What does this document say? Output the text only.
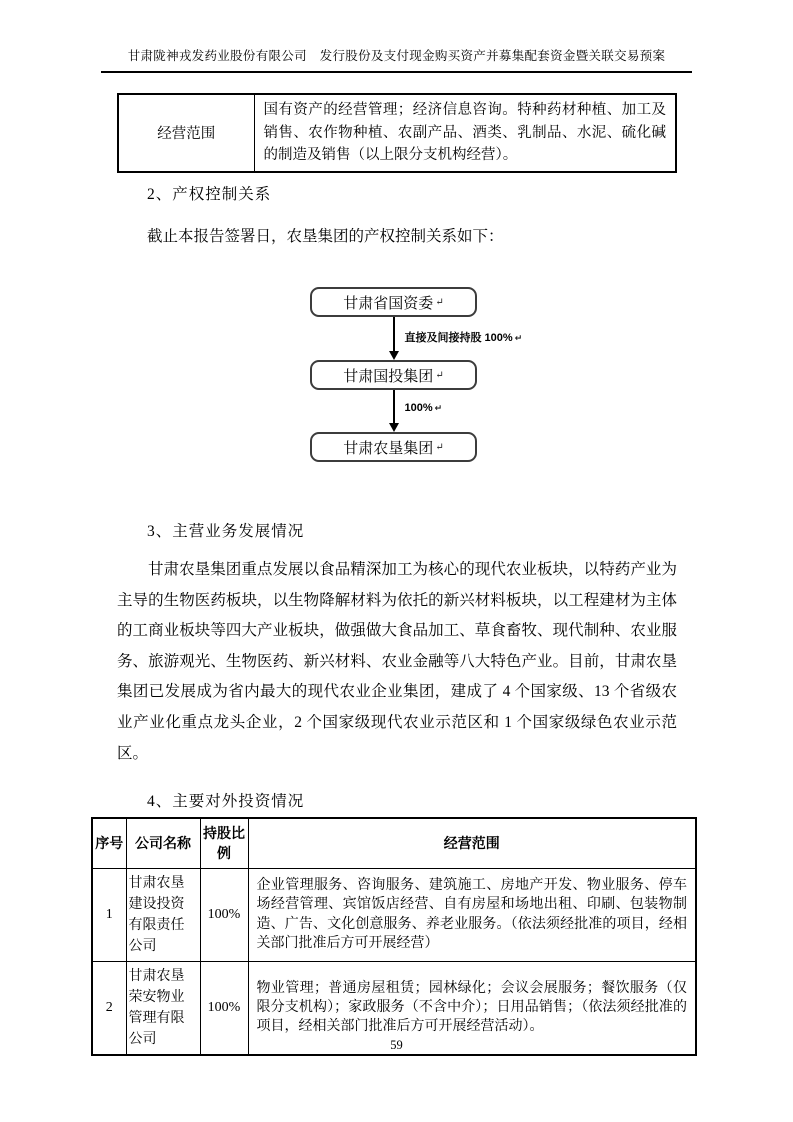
甘肃陇神戎发药业股份有限公司　发行股份及支付现金购买资产并募集配套资金暨关联交易预案
经营范围	国有资产的经营管理；经济信息咨询。特种药材种植、加工及销售、农作物种植、农副产品、酒类、乳制品、水泥、硫化碱的制造及销售（以上限分支机构经营）。
2、产权控制关系
截止本报告签署日，农垦集团的产权控制关系如下：
甘肃省国资委 ↵
直接及间接持股 100% ↵
甘肃国投集团 ↵
100% ↵
甘肃农垦集团 ↵
3、主营业务发展情况
甘肃农垦集团重点发展以食品精深加工为核心的现代农业板块，以特药产业为主导的生物医药板块，以生物降解材料为依托的新兴材料板块，以工程建材为主体的工商业板块等四大产业板块，做强做大食品加工、草食畜牧、现代制种、农业服务、旅游观光、生物医药、新兴材料、农业金融等八大特色产业。目前，甘肃农垦集团已发展成为省内最大的现代农业企业集团，建成了 4 个国家级、13 个省级农业产业化重点龙头企业，2 个国家级现代农业示范区和 1 个国家级绿色农业示范区。
4、主要对外投资情况
序号	公司名称	持股比例	经营范围
1	甘肃农垦建设投资有限责任公司	100%	企业管理服务、咨询服务、建筑施工、房地产开发、物业服务、停车场经营管理、宾馆饭店经营、自有房屋和场地出租、印刷、包装物制造、广告、文化创意服务、养老业服务。（依法须经批准的项目，经相关部门批准后方可开展经营）
2	甘肃农垦荣安物业管理有限公司	100%	物业管理；普通房屋租赁；园林绿化；会议会展服务；餐饮服务（仅限分支机构）；家政服务（不含中介）；日用品销售；（依法须经批准的项目，经相关部门批准后方可开展经营活动）。
59
